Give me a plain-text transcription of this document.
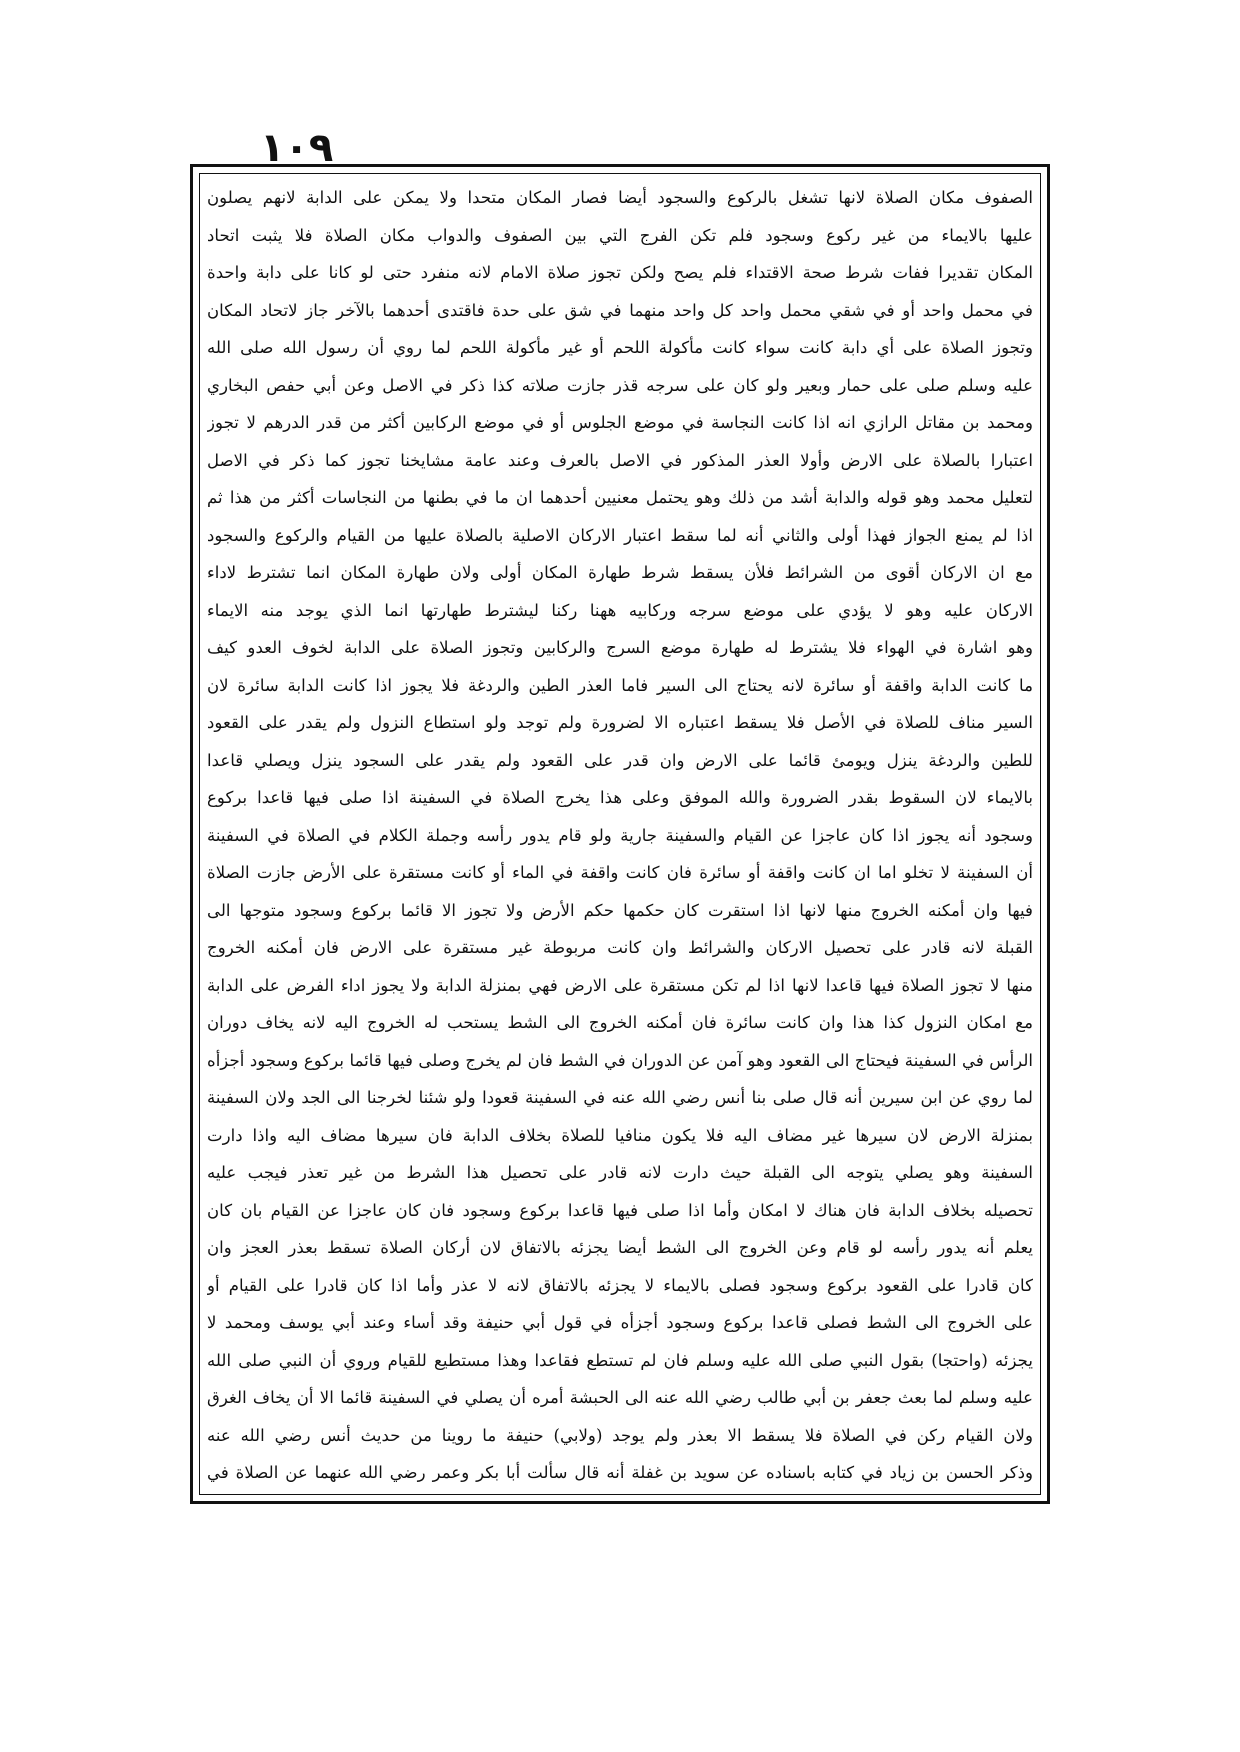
١٠٩
الصفوف مكان الصلاة لانها تشغل بالركوع والسجود أيضا فصار المكان متحدا ولا يمكن على الدابة لانهم يصلون
عليها بالايماء من غير ركوع وسجود فلم تكن الفرج التي بين الصفوف والدواب مكان الصلاة فلا يثبت اتحاد
المكان تقديرا ففات شرط صحة الاقتداء فلم يصح ولكن تجوز صلاة الامام لانه منفرد حتى لو كانا على دابة واحدة
في محمل واحد أو في شقي محمل واحد كل واحد منهما في شق على حدة فاقتدى أحدهما بالآخر جاز لاتحاد المكان
وتجوز الصلاة على أي دابة كانت سواء كانت مأكولة اللحم أو غير مأكولة اللحم لما روي أن رسول الله صلى الله
عليه وسلم صلى على حمار وبعير ولو كان على سرجه قذر جازت صلاته كذا ذكر في الاصل وعن أبي حفص البخاري
ومحمد بن مقاتل الرازي انه اذا كانت النجاسة في موضع الجلوس أو في موضع الركابين أكثر من قدر الدرهم لا تجوز
اعتبارا بالصلاة على الارض وأولا العذر المذكور في الاصل بالعرف وعند عامة مشايخنا تجوز كما ذكر في الاصل
لتعليل محمد وهو قوله والدابة أشد من ذلك وهو يحتمل معنيين أحدهما ان ما في بطنها من النجاسات أكثر من هذا ثم
اذا لم يمنع الجواز فهذا أولى والثاني أنه لما سقط اعتبار الاركان الاصلية بالصلاة عليها من القيام والركوع والسجود
مع ان الاركان أقوى من الشرائط فلأن يسقط شرط طهارة المكان أولى ولان طهارة المكان انما تشترط لاداء
الاركان عليه وهو لا يؤدي على موضع سرجه وركابيه ههنا ركنا ليشترط طهارتها انما الذي يوجد منه الايماء
وهو اشارة في الهواء فلا يشترط له طهارة موضع السرج والركابين وتجوز الصلاة على الدابة لخوف العدو كيف
ما كانت الدابة واقفة أو سائرة لانه يحتاج الى السير فاما العذر الطين والردغة فلا يجوز اذا كانت الدابة سائرة لان
السير مناف للصلاة في الأصل فلا يسقط اعتباره الا لضرورة ولم توجد ولو استطاع النزول ولم يقدر على القعود
للطين والردغة ينزل ويومئ قائما على الارض وان قدر على القعود ولم يقدر على السجود ينزل ويصلي قاعدا
بالايماء لان السقوط بقدر الضرورة والله الموفق وعلى هذا يخرج الصلاة في السفينة اذا صلى فيها قاعدا بركوع
وسجود أنه يجوز اذا كان عاجزا عن القيام والسفينة جارية ولو قام يدور رأسه وجملة الكلام في الصلاة في السفينة
أن السفينة لا تخلو اما ان كانت واقفة أو سائرة فان كانت واقفة في الماء أو كانت مستقرة على الأرض جازت الصلاة
فيها وان أمكنه الخروج منها لانها اذا استقرت كان حكمها حكم الأرض ولا تجوز الا قائما بركوع وسجود متوجها الى
القبلة لانه قادر على تحصيل الاركان والشرائط وان كانت مربوطة غير مستقرة على الارض فان أمكنه الخروج
منها لا تجوز الصلاة فيها قاعدا لانها اذا لم تكن مستقرة على الارض فهي بمنزلة الدابة ولا يجوز اداء الفرض على الدابة
مع امكان النزول كذا هذا وان كانت سائرة فان أمكنه الخروج الى الشط يستحب له الخروج اليه لانه يخاف دوران
الرأس في السفينة فيحتاج الى القعود وهو آمن عن الدوران في الشط فان لم يخرج وصلى فيها قائما بركوع وسجود أجزأه
لما روي عن ابن سيرين أنه قال صلى بنا أنس رضي الله عنه في السفينة قعودا ولو شئنا لخرجنا الى الجد ولان السفينة
بمنزلة الارض لان سيرها غير مضاف اليه فلا يكون منافيا للصلاة بخلاف الدابة فان سيرها مضاف اليه واذا دارت
السفينة وهو يصلي يتوجه الى القبلة حيث دارت لانه قادر على تحصيل هذا الشرط من غير تعذر فيجب عليه
تحصيله بخلاف الدابة فان هناك لا امكان وأما اذا صلى فيها قاعدا بركوع وسجود فان كان عاجزا عن القيام بان كان
يعلم أنه يدور رأسه لو قام وعن الخروج الى الشط أيضا يجزئه بالاتفاق لان أركان الصلاة تسقط بعذر العجز وان
كان قادرا على القعود بركوع وسجود فصلى بالايماء لا يجزئه بالاتفاق لانه لا عذر وأما اذا كان قادرا على القيام أو
على الخروج الى الشط فصلى قاعدا بركوع وسجود أجزأه في قول أبي حنيفة وقد أساء وعند أبي يوسف ومحمد لا
يجزئه (واحتجا) بقول النبي صلى الله عليه وسلم فان لم تستطع فقاعدا وهذا مستطيع للقيام وروي أن النبي صلى الله
عليه وسلم لما بعث جعفر بن أبي طالب رضي الله عنه الى الحبشة أمره أن يصلي في السفينة قائما الا أن يخاف الغرق
ولان القيام ركن في الصلاة فلا يسقط الا بعذر ولم يوجد (ولابي) حنيفة ما روينا من حديث أنس رضي الله عنه
وذكر الحسن بن زياد في كتابه باسناده عن سويد بن غفلة أنه قال سألت أبا بكر وعمر رضي الله عنهما عن الصلاة في
